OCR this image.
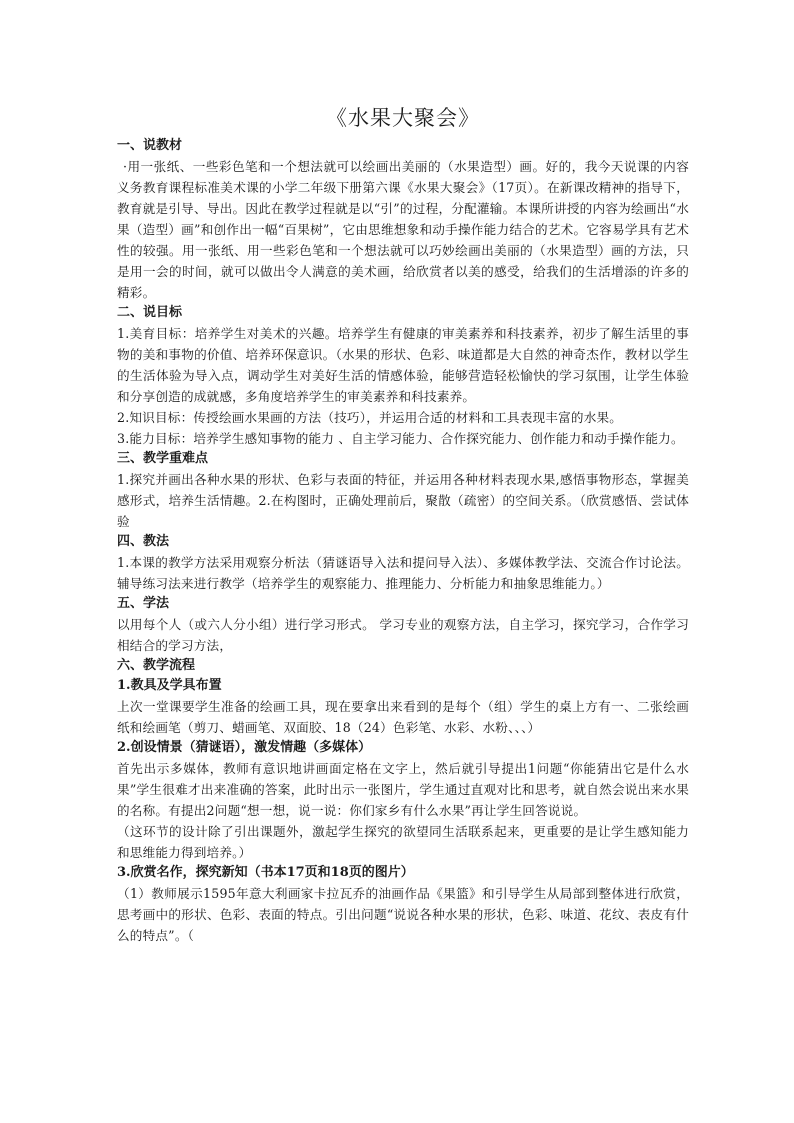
《水果大聚会》

一、说教材

·用一张纸、一些彩色笔和一个想法就可以绘画出美丽的（水果造型）画。好的，我今天说课的内容义务教育课程标准美术课的小学二年级下册第六课《水果大聚会》（17页）。在新课改精神的指导下，教育就是引导、导出。因此在教学过程就是以“引”的过程，分配灌输。本课所讲授的内容为绘画出“水果（造型）画”和创作出一幅“百果树”，它由思维想象和动手操作能力结合的艺术。它容易学具有艺术性的较强。用一张纸、用一些彩色笔和一个想法就可以巧妙绘画出美丽的（水果造型）画的方法，只是用一会的时间，就可以做出令人满意的美术画，给欣赏者以美的感受，给我们的生活增添的许多的精彩。

二、说目标

1.美育目标：培养学生对美术的兴趣。培养学生有健康的审美素养和科技素养，初步了解生活里的事物的美和事物的价值、培养环保意识。（水果的形状、色彩、味道都是大自然的神奇杰作，教材以学生的生活体验为导入点，调动学生对美好生活的情感体验，能够营造轻松愉快的学习氛围，让学生体验和分享创造的成就感，多角度培养学生的审美素养和科技素养。

2.知识目标：传授绘画水果画的方法（技巧），并运用合适的材料和工具表现丰富的水果。

3.能力目标：培养学生感知事物的能力 、自主学习能力、合作探究能力、创作能力和动手操作能力。

三、教学重难点

1.探究并画出各种水果的形状、色彩与表面的特征，并运用各种材料表现水果,感悟事物形态，掌握美感形式，培养生活情趣。2.在构图时，正确处理前后，聚散（疏密）的空间关系。（欣赏感悟、尝试体验

四、教法

1.本课的教学方法采用观察分析法（猜谜语导入法和提问导入法）、多媒体教学法、交流合作讨论法。辅导练习法来进行教学（培养学生的观察能力、推理能力、分析能力和抽象思维能力。）

五、学法

以用每个人（或六人分小组）进行学习形式。 学习专业的观察方法，自主学习，探究学习，合作学习相结合的学习方法，

六、教学流程

1.教具及学具布置

上次一堂课要学生准备的绘画工具，现在要拿出来看到的是每个（组）学生的桌上方有一、二张绘画纸和绘画笔（剪刀、蜡画笔、双面胶、18（24）色彩笔、水彩、水粉、、、）

2.创设情景（猜谜语），激发情趣（多媒体）

首先出示多媒体，教师有意识地讲画面定格在文字上，然后就引导提出1问题“你能猜出它是什么水果”学生很难才出来准确的答案，此时出示一张图片，学生通过直观对比和思考，就自然会说出来水果的名称。有提出2问题“想一想，说一说：你们家乡有什么水果”再让学生回答说说。

（这环节的设计除了引出课题外，激起学生探究的欲望同生活联系起来，更重要的是让学生感知能力和思维能力得到培养。）

3.欣赏名作，探究新知（书本17页和18页的图片）

（1）教师展示1595年意大利画家卡拉瓦乔的油画作品《果篮》和引导学生从局部到整体进行欣赏，思考画中的形状、色彩、表面的特点。引出问题“说说各种水果的形状，色彩、味道、花纹、表皮有什么的特点”。（
